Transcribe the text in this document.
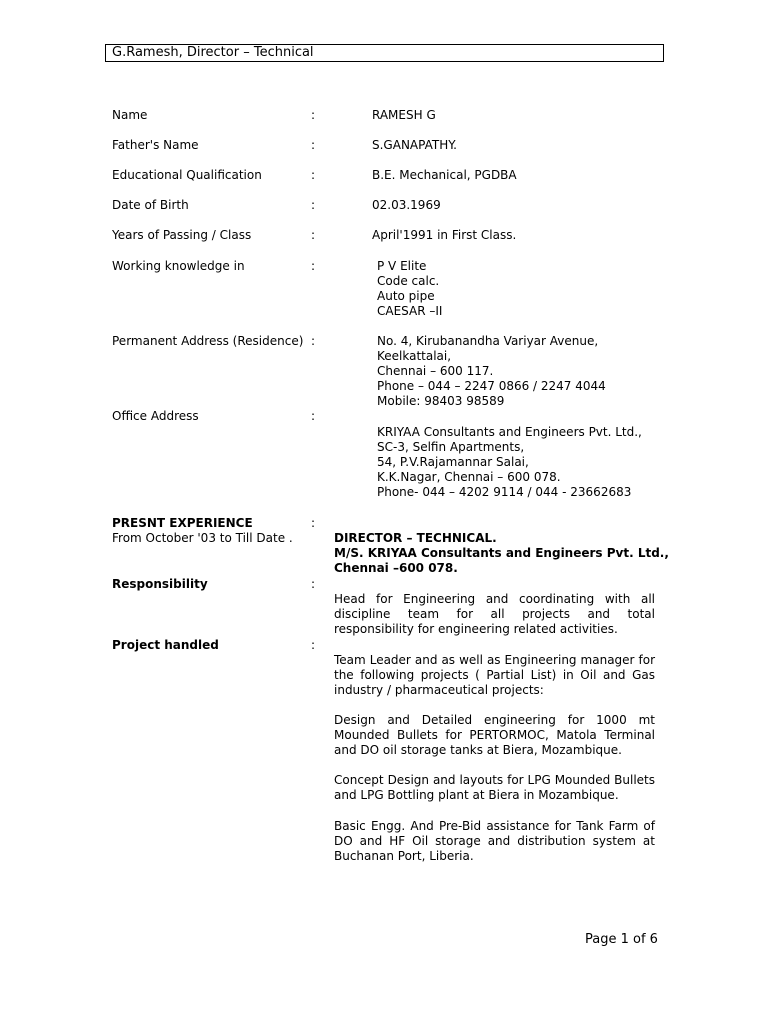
G.Ramesh, Director – Technical
Name	:	RAMESH G
Father's Name	:	S.GANAPATHY.
Educational Qualification	:	B.E. Mechanical, PGDBA
Date of Birth	:	02.03.1969
Years of Passing / Class	:	April'1991 in First Class.
Working knowledge in	:	P V Elite
Code calc.
Auto pipe
CAESAR –II
Permanent Address (Residence) :	No. 4, Kirubanandha Variyar Avenue,
Keelkattalai,
Chennai – 600 117.
Phone – 044 – 2247 0866 / 2247 4044
Mobile: 98403 98589
Office Address	:
KRIYAA Consultants and Engineers Pvt. Ltd.,
SC-3, Selfin Apartments,
54, P.V.Rajamannar Salai,
K.K.Nagar, Chennai – 600 078.
Phone- 044 – 4202 9114 / 044 - 23662683
PRESNT EXPERIENCE	:
From October '03 to Till Date .	DIRECTOR – TECHNICAL.
M/S. KRIYAA Consultants and Engineers Pvt. Ltd.,
Chennai –600 078.
Responsibility	:
Head for Engineering and coordinating with all discipline team for all projects and total responsibility for engineering related activities.
Project handled	:
Team Leader and as well as Engineering manager for the following projects ( Partial List) in Oil and Gas industry / pharmaceutical projects:
Design and Detailed engineering for 1000 mt Mounded Bullets for PERTORMOC, Matola Terminal and DO oil storage tanks at Biera, Mozambique.
Concept Design and layouts for LPG Mounded Bullets and LPG Bottling plant at Biera in Mozambique.
Basic Engg. And Pre-Bid assistance for Tank Farm of DO and HF Oil storage and distribution system at Buchanan Port, Liberia.
Page 1 of 6
